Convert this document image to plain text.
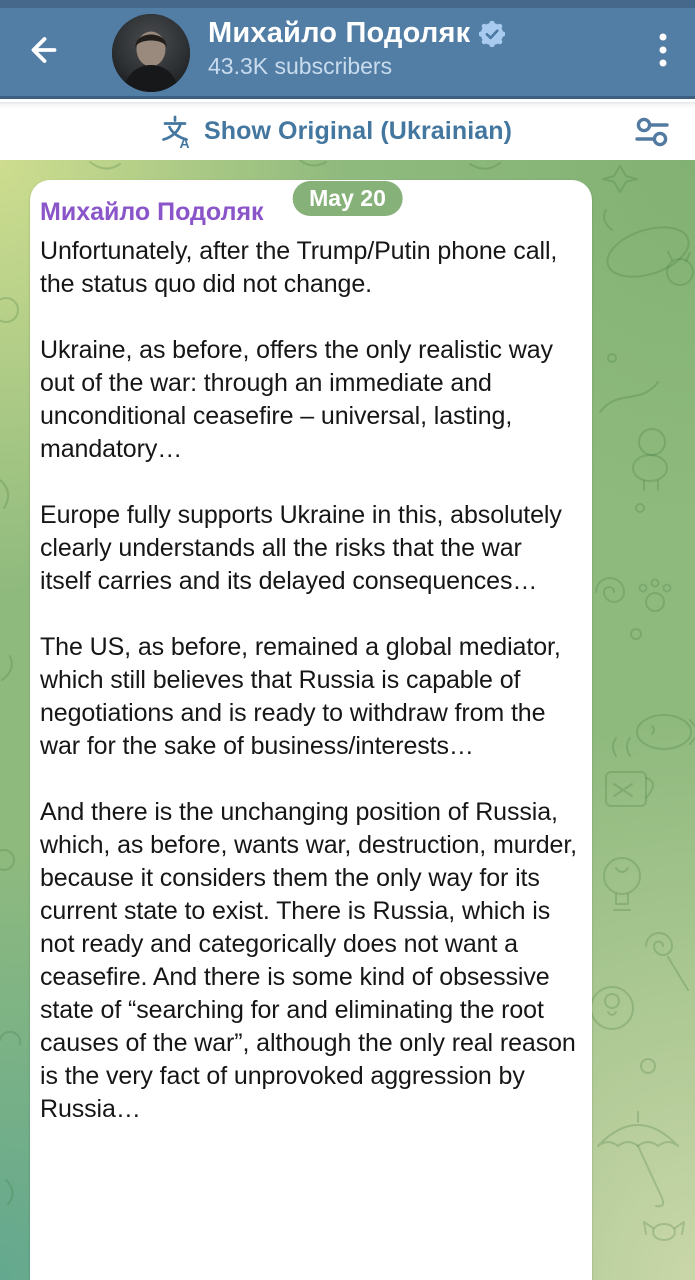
Михайло Подоляк
43.3K subscribers
A Show Original (Ukrainian)
Михайло Подоляк

Unfortunately, after the Trump/Putin phone call, the status quo did not change.

Ukraine, as before, offers the only realistic way out of the war: through an immediate and unconditional ceasefire – universal, lasting, mandatory…

Europe fully supports Ukraine in this, absolutely clearly understands all the risks that the war itself carries and its delayed consequences…

The US, as before, remained a global mediator, which still believes that Russia is capable of negotiations and is ready to withdraw from the war for the sake of business/interests…

And there is the unchanging position of Russia, which, as before, wants war, destruction, murder, because it considers them the only way for its current state to exist. There is Russia, which is not ready and categorically does not want a ceasefire. And there is some kind of obsessive state of “searching for and eliminating the root causes of the war”, although the only real reason is the very fact of unprovoked aggression by Russia…

May 20
